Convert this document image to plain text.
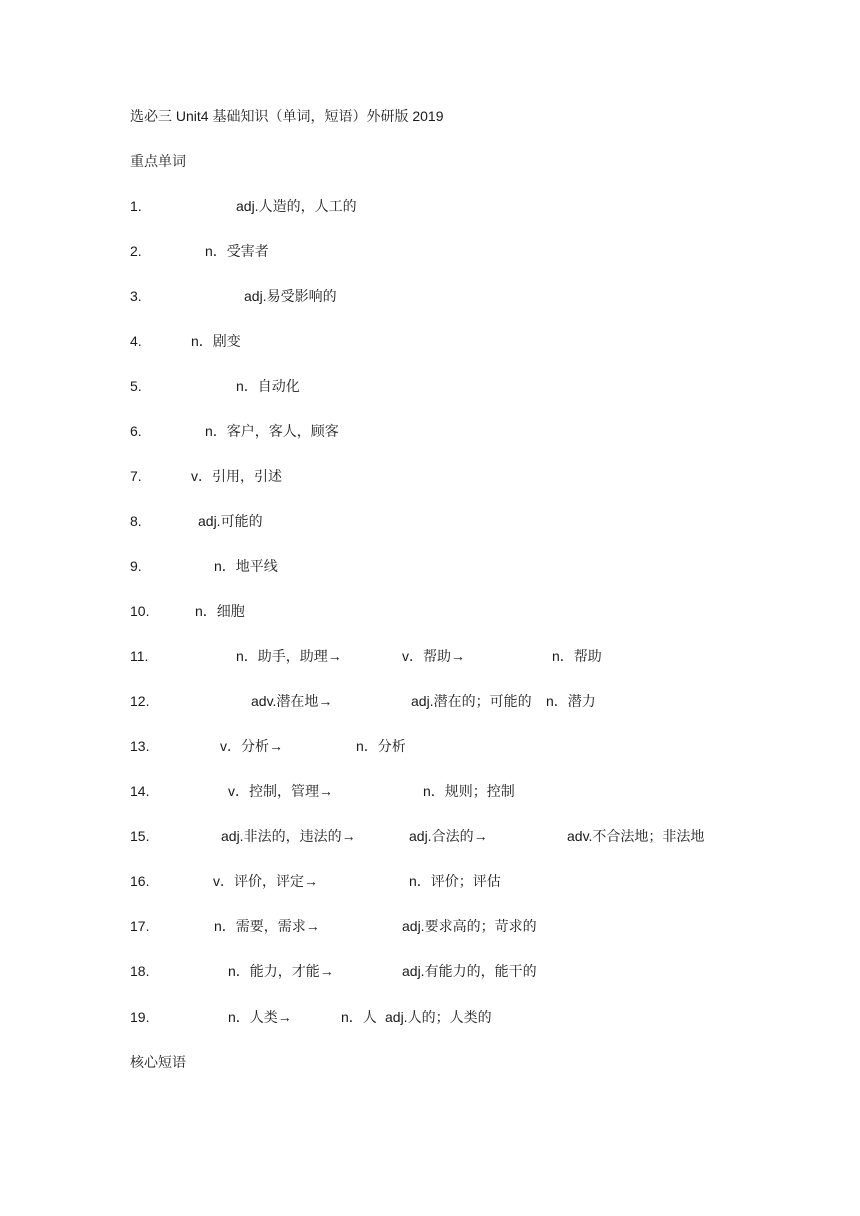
选必三 Unit4 基础知识（单词，短语）外研版 2019
重点单词
1.	adj.人造的，人工的
2.	n．受害者
3.	adj.易受影响的
4.	n．剧变
5.	n．自动化
6.	n．客户，客人，顾客
7.	v．引用，引述
8.	adj.可能的
9.	n．地平线
10.	n．细胞
11.	n．助手，助理→	v．帮助→	n．帮助
12.	adv.潜在地→	adj.潜在的；可能的 n．潜力
13.	v．分析→	n．分析
14.	v．控制，管理→	n．规则；控制
15.	adj.非法的，违法的→	adj.合法的→	adv.不合法地；非法地
16.	v．评价，评定→	n．评价；评估
17.	n．需要，需求→	adj.要求高的；苛求的
18.	n．能力，才能→	adj.有能力的，能干的
19.	n．人类→	n．人 adj.人的；人类的
核心短语
